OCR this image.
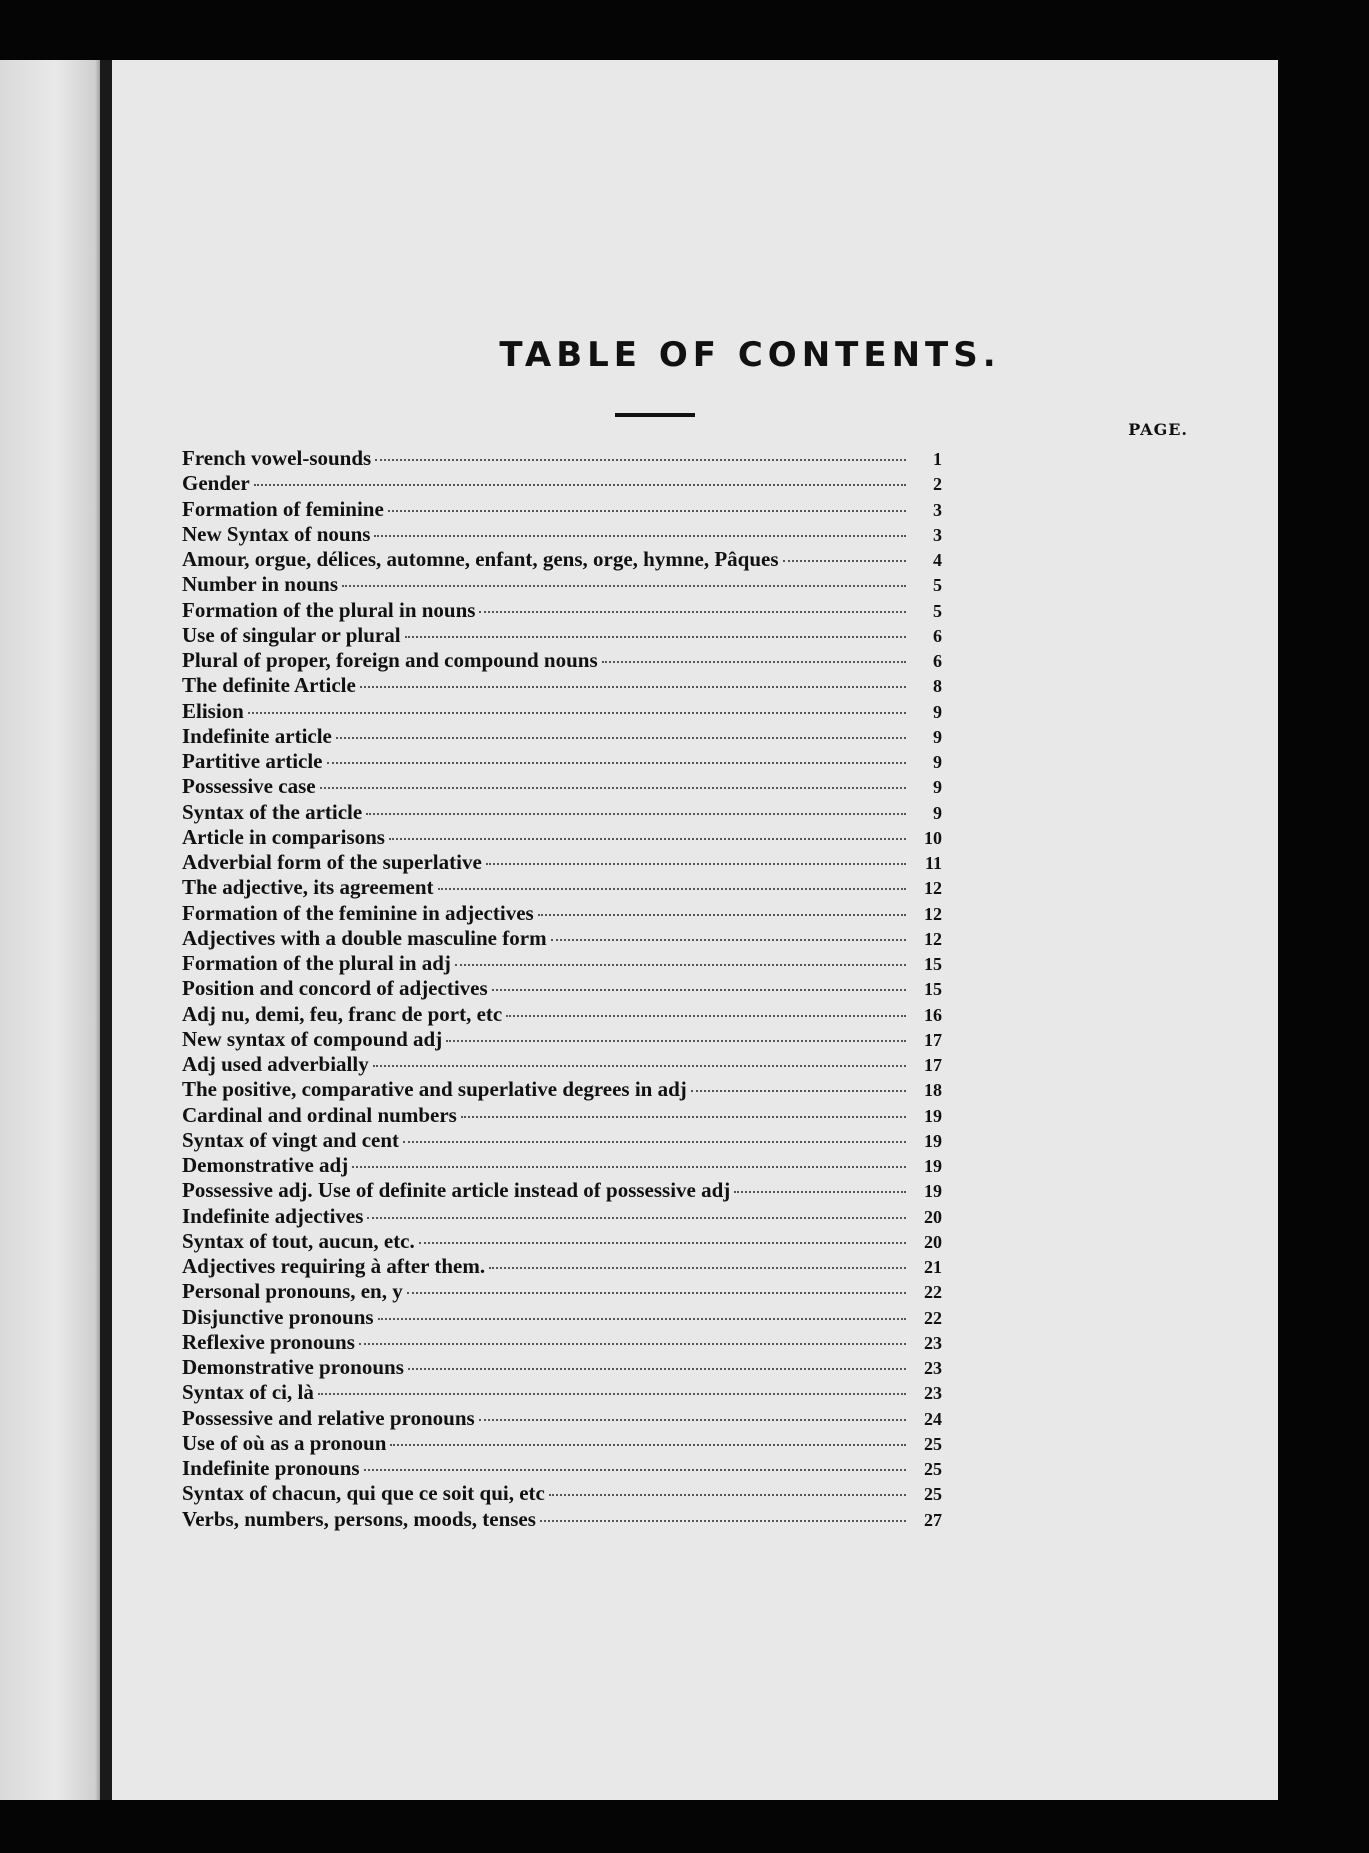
TABLE OF CONTENTS.
PAGE.
French vowel-sounds	1
Gender	2
Formation of feminine	3
New Syntax of nouns	3
Amour, orgue, délices, automne, enfant, gens, orge, hymne, Pâques	4
Number in nouns	5
Formation of the plural in nouns	5
Use of singular or plural	6
Plural of proper, foreign and compound nouns	6
The definite Article	8
Elision	9
Indefinite article	9
Partitive article	9
Possessive case	9
Syntax of the article	9
Article in comparisons	10
Adverbial form of the superlative	11
The adjective, its agreement	12
Formation of the feminine in adjectives	12
Adjectives with a double masculine form	12
Formation of the plural in adj	15
Position and concord of adjectives	15
Adj nu, demi, feu, franc de port, etc	16
New syntax of compound adj	17
Adj used adverbially	17
The positive, comparative and superlative degrees in adj	18
Cardinal and ordinal numbers	19
Syntax of vingt and cent	19
Demonstrative adj	19
Possessive adj. Use of definite article instead of possessive adj	19
Indefinite adjectives	20
Syntax of tout, aucun, etc.	20
Adjectives requiring à after them.	21
Personal pronouns, en, y	22
Disjunctive pronouns	22
Reflexive pronouns	23
Demonstrative pronouns	23
Syntax of ci, là	23
Possessive and relative pronouns	24
Use of où as a pronoun	25
Indefinite pronouns	25
Syntax of chacun, qui que ce soit qui, etc	25
Verbs, numbers, persons, moods, tenses	27
